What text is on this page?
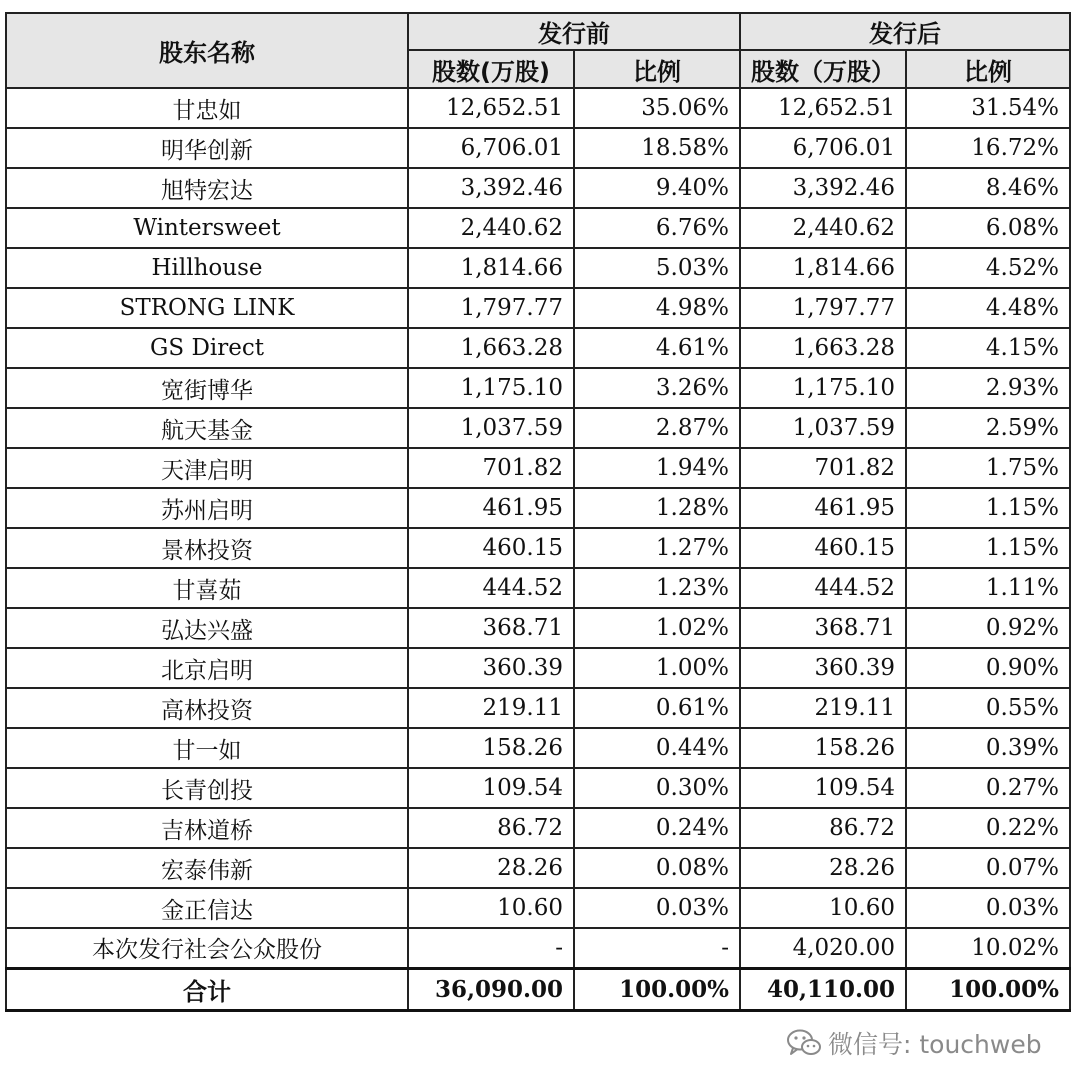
股东名称	发行前		发行后	
	股数(万股)	比例	股数（万股）	比例
甘忠如	12,652.51	35.06%	12,652.51	31.54%
明华创新	6,706.01	18.58%	6,706.01	16.72%
旭特宏达	3,392.46	9.40%	3,392.46	8.46%
Wintersweet	2,440.62	6.76%	2,440.62	6.08%
Hillhouse	1,814.66	5.03%	1,814.66	4.52%
STRONG LINK	1,797.77	4.98%	1,797.77	4.48%
GS Direct	1,663.28	4.61%	1,663.28	4.15%
宽街博华	1,175.10	3.26%	1,175.10	2.93%
航天基金	1,037.59	2.87%	1,037.59	2.59%
天津启明	701.82	1.94%	701.82	1.75%
苏州启明	461.95	1.28%	461.95	1.15%
景林投资	460.15	1.27%	460.15	1.15%
甘喜茹	444.52	1.23%	444.52	1.11%
弘达兴盛	368.71	1.02%	368.71	0.92%
北京启明	360.39	1.00%	360.39	0.90%
高林投资	219.11	0.61%	219.11	0.55%
甘一如	158.26	0.44%	158.26	0.39%
长青创投	109.54	0.30%	109.54	0.27%
吉林道桥	86.72	0.24%	86.72	0.22%
宏泰伟新	28.26	0.08%	28.26	0.07%
金正信达	10.60	0.03%	10.60	0.03%
本次发行社会公众股份	-	-	4,020.00	10.02%
合计	36,090.00	100.00%	40,110.00	100.00%
微信号: touchweb
